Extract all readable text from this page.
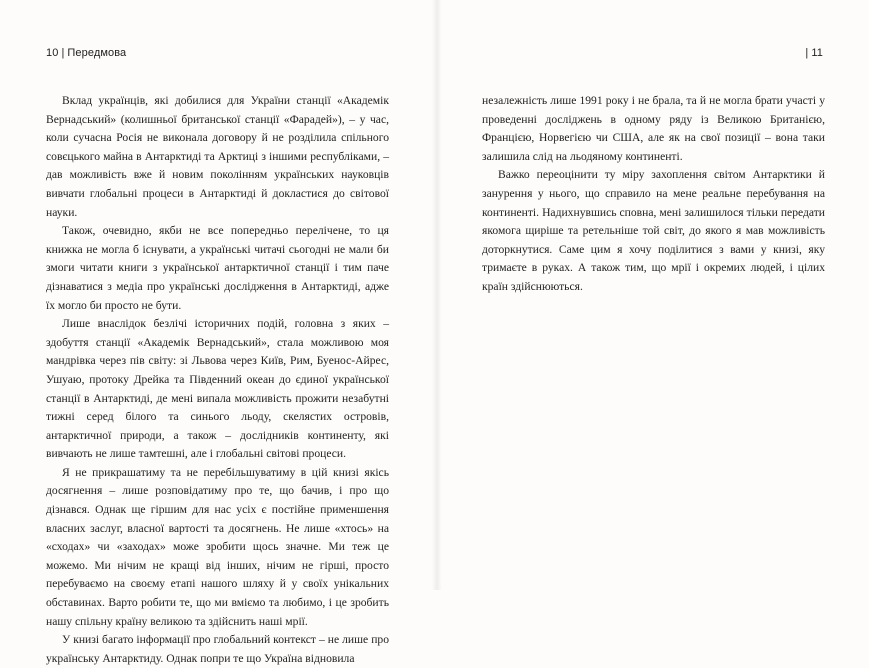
10 | Передмова	| 11

Вклад українців, які добилися для України станції «Академік Вернадський» (колишньої британської станції «Фарадей»), – у час, коли сучасна Росія не виконала договору й не розділила спільного совєцького майна в Антарктиді та Арктиці з іншими республіками, – дав можливість вже й новим поколінням українських науковців вивчати глобальні процеси в Антарктиді й докластися до світової науки.

Також, очевидно, якби не все попередньо перелічене, то ця книжка не могла б існувати, а українські читачі сьогодні не мали би змоги читати книги з української антарктичної станції і тим паче дізнаватися з медіа про українські дослідження в Антарктиді, адже їх могло би просто не бути.

Лише внаслідок безлічі історичних подій, головна з яких – здобуття станції «Академік Вернадський», стала можливою моя мандрівка через пів світу: зі Львова через Київ, Рим, Буенос-Айрес, Ушуаю, протоку Дрейка та Південний океан до єдиної української станції в Антарктиді, де мені випала можливість прожити незабутні тижні серед білого та синього льоду, скелястих островів, антарктичної природи, а також – дослідників континенту, які вивчають не лише тамтешні, але і глобальні світові процеси.

Я не прикрашатиму та не перебільшуватиму в цій книзі якісь досягнення – лише розповідатиму про те, що бачив, і про що дізнався. Однак ще гіршим для нас усіх є постійне применшення власних заслуг, власної вартості та досягнень. Не лише «хтось» на «сходах» чи «заходах» може зробити щось значне. Ми теж це можемо. Ми нічим не кращі від інших, нічим не гірші, просто перебуваємо на своєму етапі нашого шляху й у своїх унікальних обставинах. Варто робити те, що ми вміємо та любимо, і це зробить нашу спільну країну великою та здійснить наші мрії.

У книзі багато інформації про глобальний контекст – не лише про українську Антарктиду. Однак попри те що Україна відновила

незалежність лише 1991 року і не брала, та й не могла брати участі у проведенні досліджень в одному ряду із Великою Британією, Францією, Норвегією чи США, але як на свої позиції – вона таки залишила слід на льодяному континенті.

Важко переоцінити ту міру захоплення світом Антарктики й занурення у нього, що справило на мене реальне перебування на континенті. Надихнувшись сповна, мені залишилося тільки передати якомога щиріше та ретельніше той світ, до якого я мав можливість доторкнутися. Саме цим я хочу поділитися з вами у книзі, яку тримаєте в руках. А також тим, що мрії і окремих людей, і цілих країн здійснюються.
